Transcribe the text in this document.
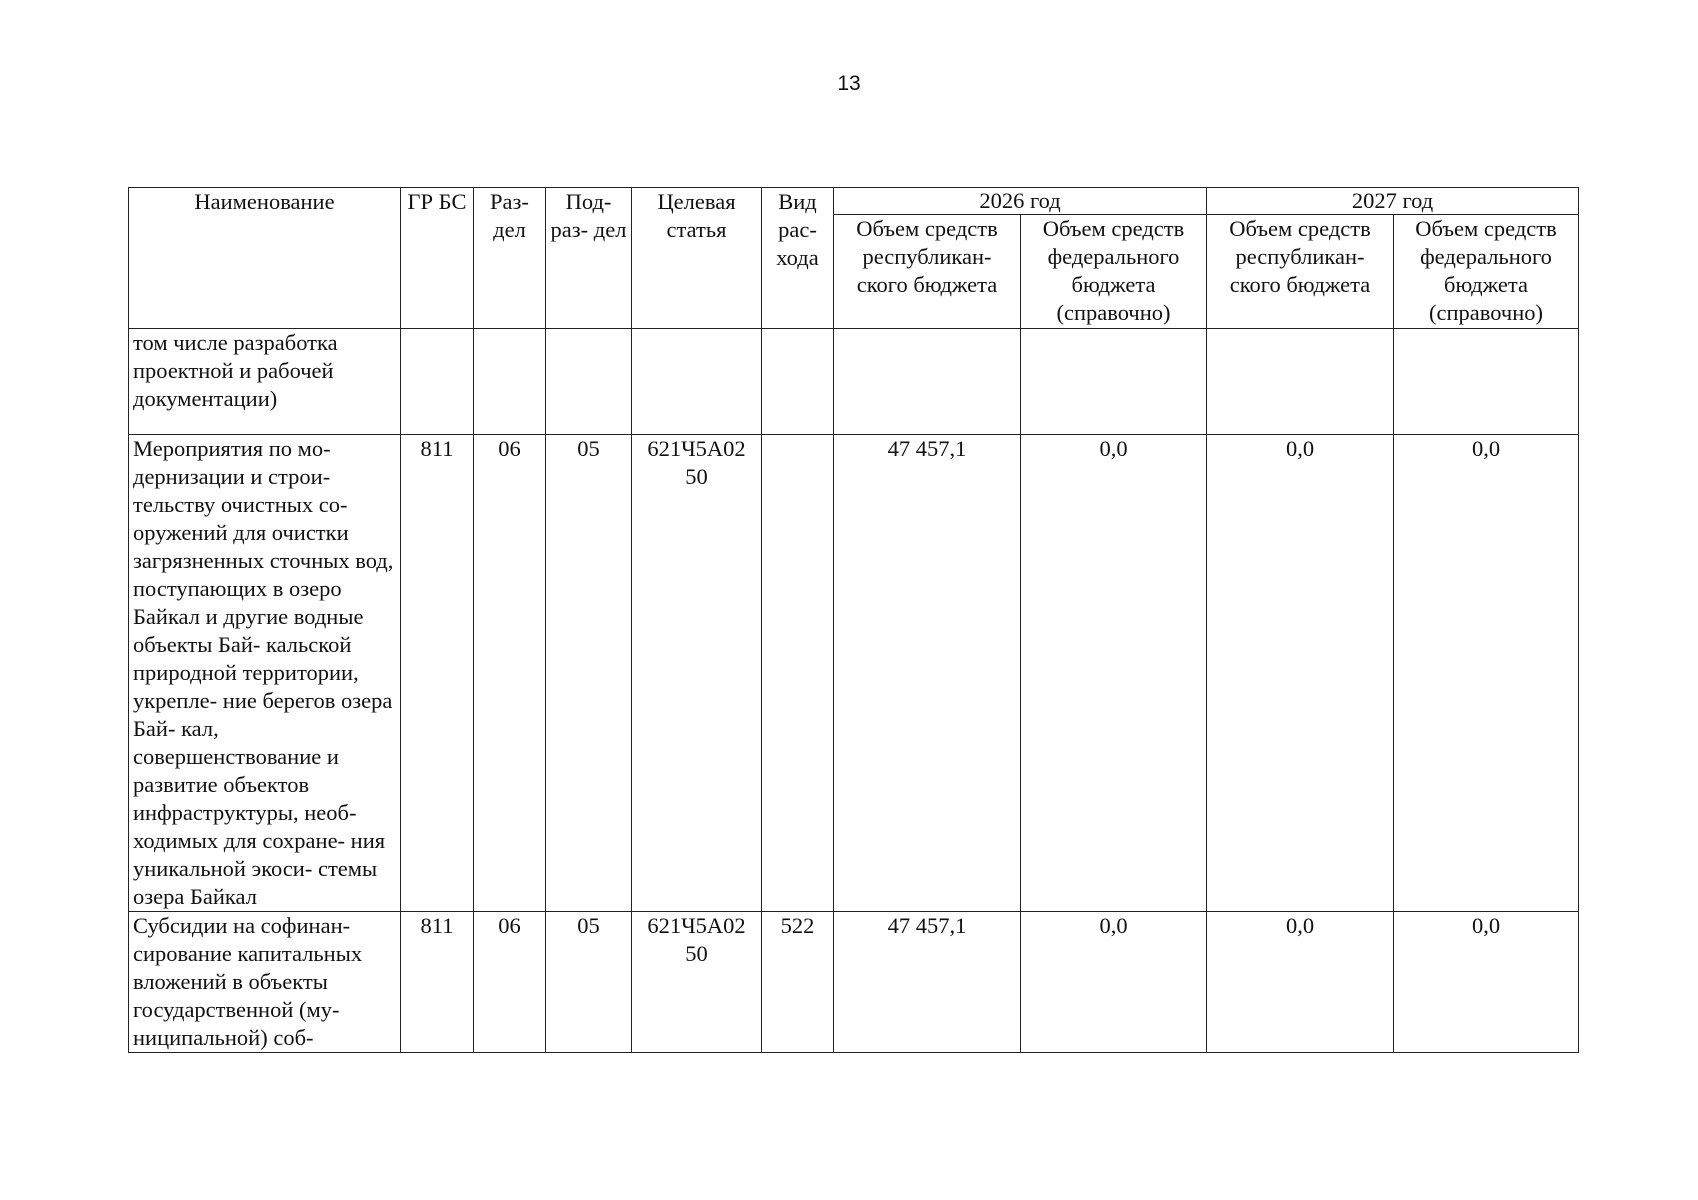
13
Наименование	ГР БС	Раз- дел	Под- раз- дел	Целевая статья	Вид рас- хода	2026 год		2027 год	
						Объем средств республикан- ского бюджета	Объем средств федерального бюджета (справочно)	Объем средств республикан- ского бюджета	Объем средств федерального бюджета (справочно)
том числе разработка проектной и рабочей документации)									
Мероприятия по мо- дернизации и строи- тельству очистных со- оружений для очистки загрязненных сточных вод, поступающих в озеро Байкал и другие водные объекты Бай- кальской природной территории, укрепле- ние берегов озера Бай- кал, совершенствование и развитие объектов инфраструктуры, необ- ходимых для сохране- ния уникальной экоси- стемы озера Байкал	811	06	05	621Ч5А02 50		47 457,1	0,0	0,0	0,0
Субсидии на софинан- сирование капитальных вложений в объекты государственной (му- ниципальной) соб-	811	06	05	621Ч5А02 50	522	47 457,1	0,0	0,0	0,0
